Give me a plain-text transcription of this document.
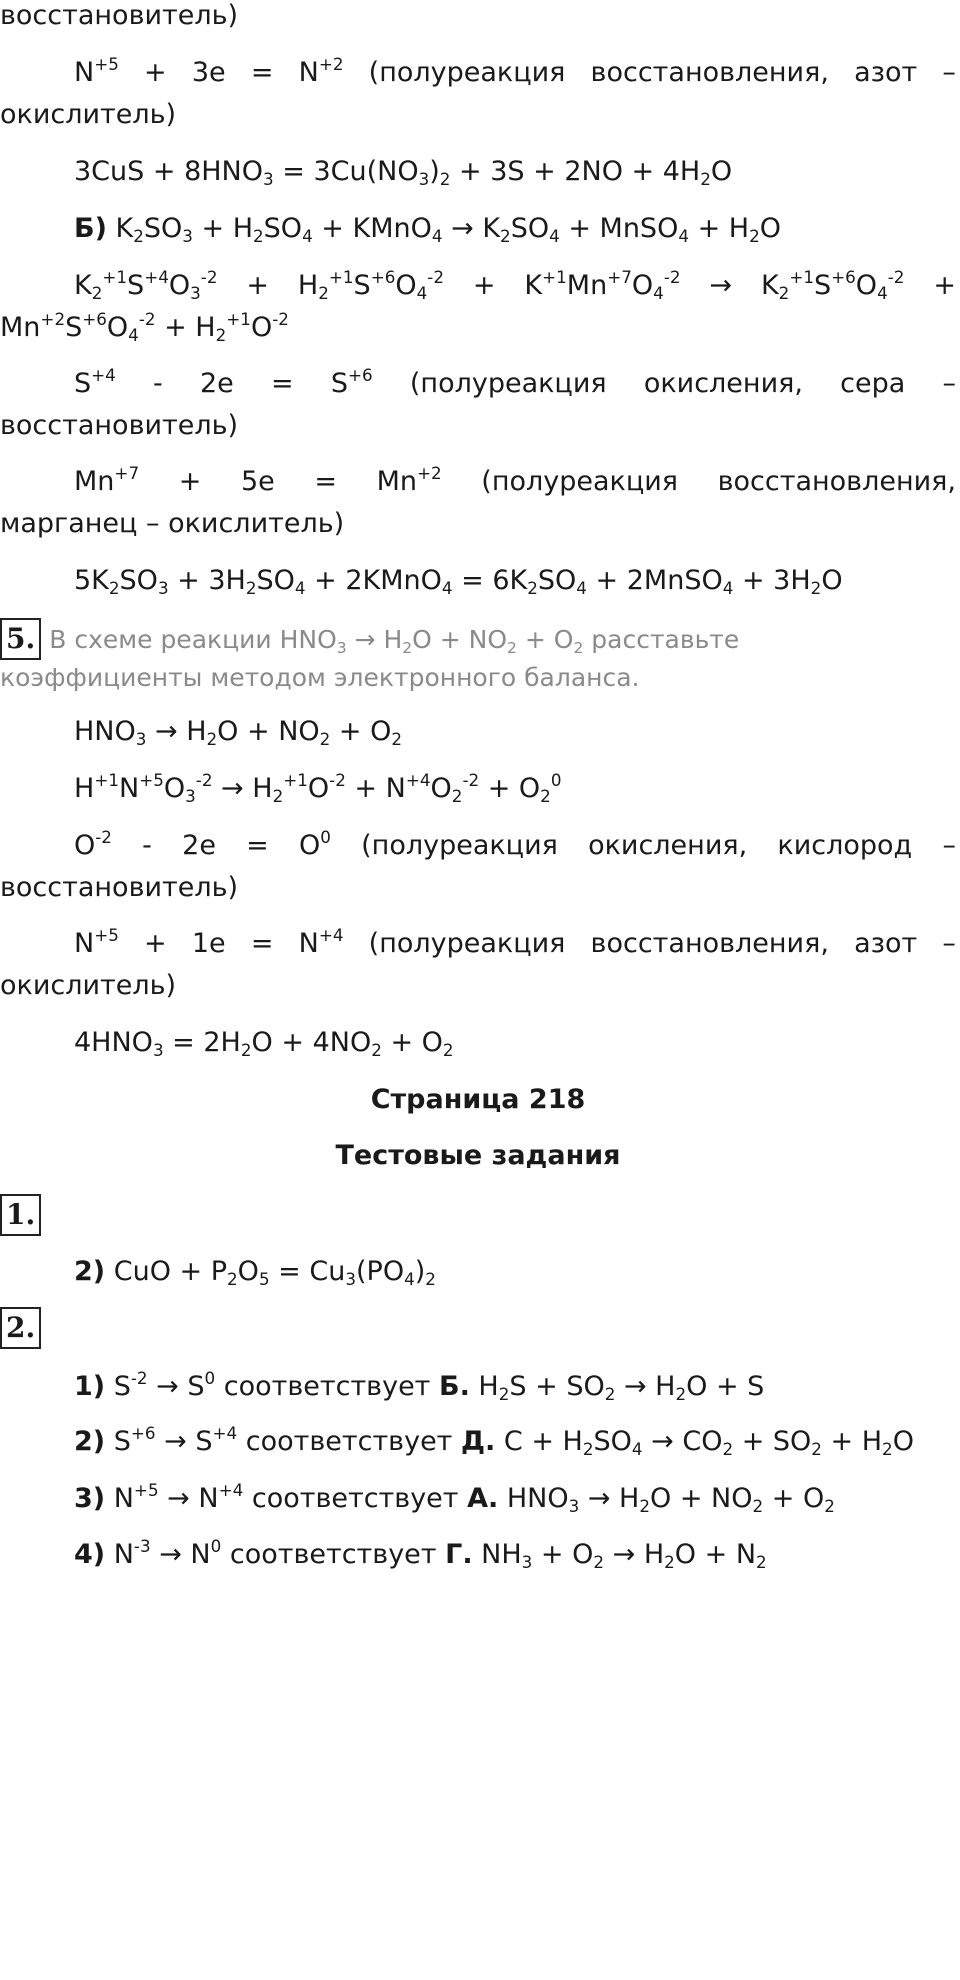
восстановитель)
$N^{+5} + 3e = N^{+2}$ (полуреакция восстановления, азот –
окислитель)
$3CuS + 8HNO_3 = 3Cu(NO_3)_2 + 3S + 2NO + 4H_2O$
Б) $K_2SO_3 + H_2SO_4$ + KMnO$_4$ → $K_2SO_4$ + MnSO$_4$ + $H_2O$
$K_2^{+1}S^{+4}O_3^{-2} + H_2^{+1}S^{+6}O_4^{-2} + K^{+1}Mn^{+7}O_4^{-2} \to K_2^{+1}S^{+6}O_4^{-2}$ +
$Mn^{+2}S^{+6}O_4^{-2} + H_2^{+1}O^{-2}$
$S^{+4} - 2e = S^{+6}$ (полуреакция окисления, сера –
восстановитель)
$Mn^{+7} + 5e = Mn^{+2}$ (полуреакция восстановления,
марганец – окислитель)
$5K_2SO_3 + 3H_2SO_4$ + 2KMnO$_4$ = $6K_2SO_4$ + 2MnSO$_4$ + $3H_2O$
5. В схеме реакции $HNO_3 \to H_2O + NO_2 + O_2$ расставьте
коэффициенты методом электронного баланса.
$HNO_3 \to H_2O + NO_2 + O_2$
$H^{+1}N^{+5}O_3^{-2} \to H_2^{+1}O^{-2} + N^{+4}O_2^{-2} + O_2^0$
$O^{-2} - 2e = O^0$ (полуреакция окисления, кислород –
восстановитель)
$N^{+5} + 1e = N^{+4}$ (полуреакция восстановления, азот –
окислитель)
$4HNO_3 = 2H_2O + 4NO_2 + O_2$
Страница 218
Тестовые задания
1.
2) CuO + $P_2O_5 = Cu_3(PO_4)_2$
2.
1) $S^{-2} \to S^0$ соответствует Б. $H_2S + SO_2 \to H_2O + S$
2) $S^{+6} \to S^{+4}$ соответствует Д. $C + H_2SO_4 \to CO_2 + SO_2 + H_2O$
3) $N^{+5} \to N^{+4}$ соответствует А. $HNO_3 \to H_2O + NO_2 + O_2$
4) $N^{-3} \to N^0$ соответствует Г. $NH_3 + O_2 \to H_2O + N_2$
